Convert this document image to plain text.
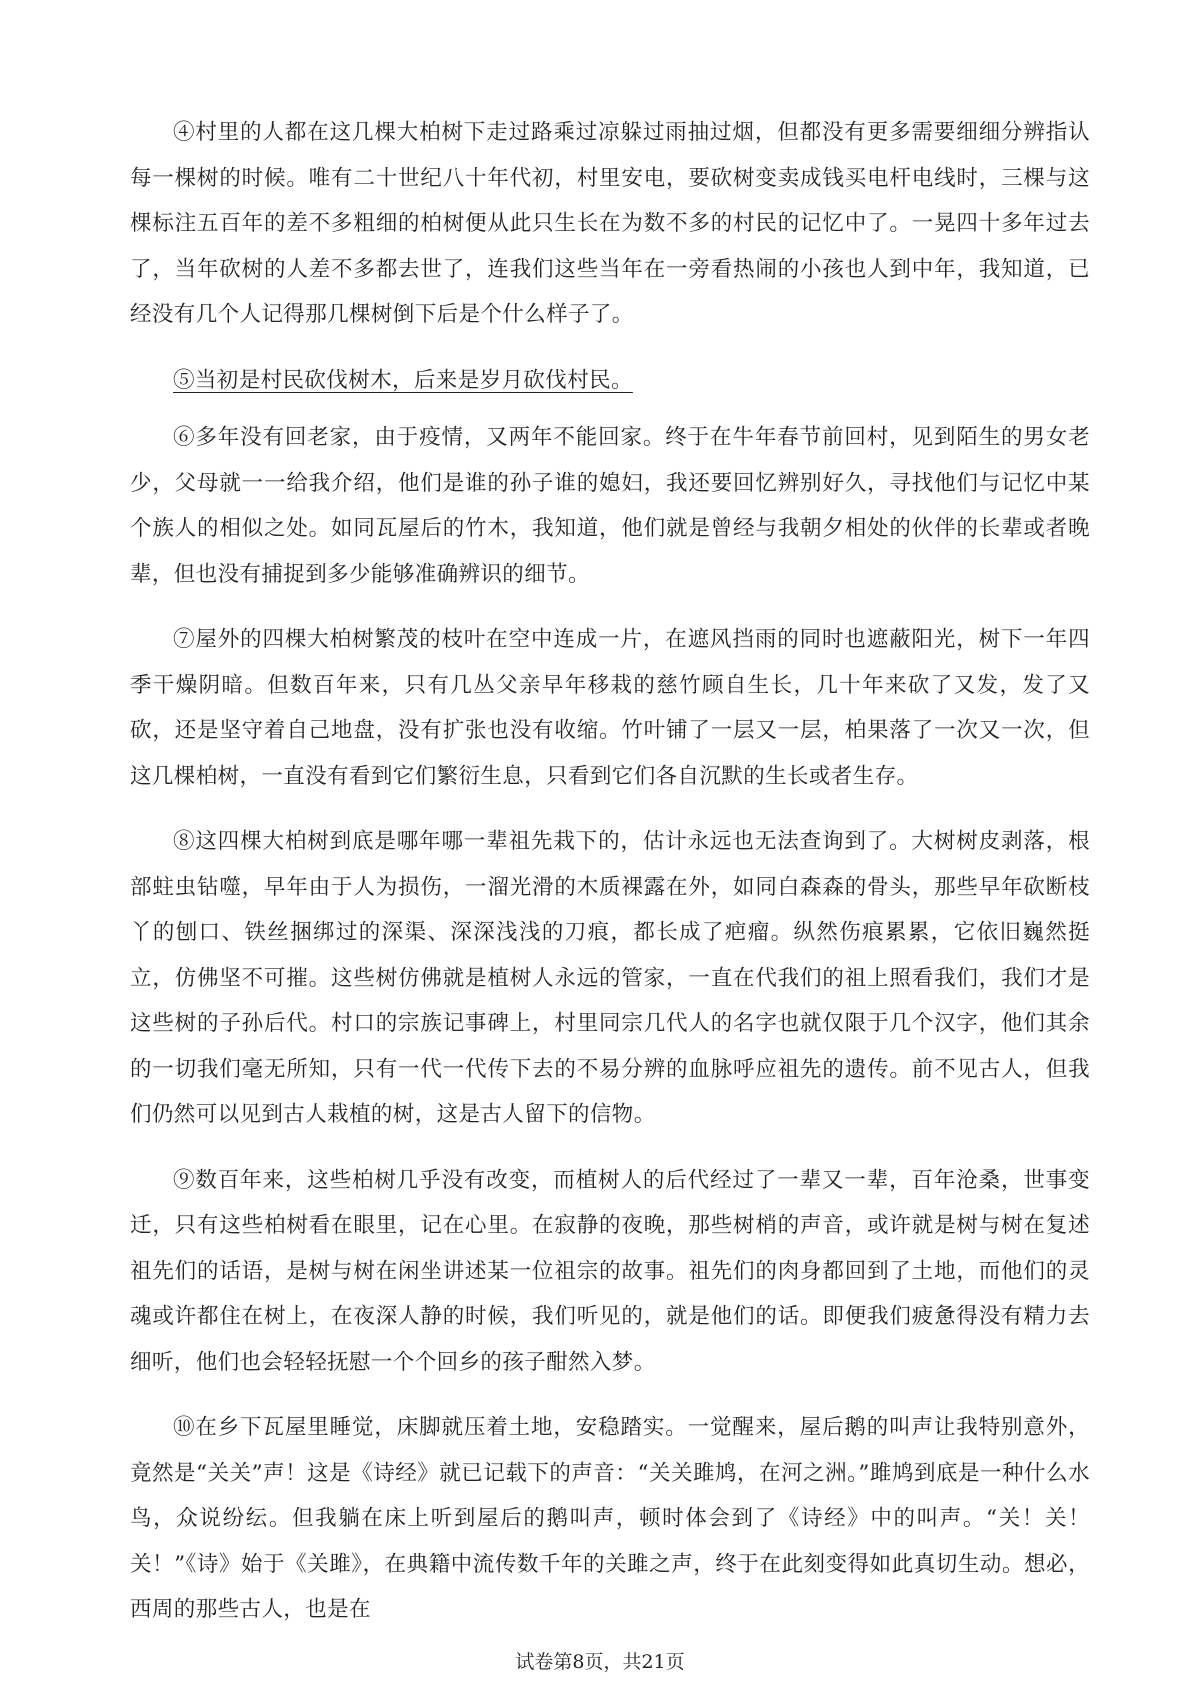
④村里的人都在这几棵大柏树下走过路乘过凉躲过雨抽过烟，但都没有更多需要细细分辨指认每一棵树的时候。唯有二十世纪八十年代初，村里安电，要砍树变卖成钱买电杆电线时，三棵与这棵标注五百年的差不多粗细的柏树便从此只生长在为数不多的村民的记忆中了。一晃四十多年过去了，当年砍树的人差不多都去世了，连我们这些当年在一旁看热闹的小孩也人到中年，我知道，已经没有几个人记得那几棵树倒下后是个什么样子了。

⑤当初是村民砍伐树木，后来是岁月砍伐村民。

⑥多年没有回老家，由于疫情，又两年不能回家。终于在牛年春节前回村，见到陌生的男女老少，父母就一一给我介绍，他们是谁的孙子谁的媳妇，我还要回忆辨别好久，寻找他们与记忆中某个族人的相似之处。如同瓦屋后的竹木，我知道，他们就是曾经与我朝夕相处的伙伴的长辈或者晚辈，但也没有捕捉到多少能够准确辨识的细节。

⑦屋外的四棵大柏树繁茂的枝叶在空中连成一片，在遮风挡雨的同时也遮蔽阳光，树下一年四季干燥阴暗。但数百年来，只有几丛父亲早年移栽的慈竹顾自生长，几十年来砍了又发，发了又砍，还是坚守着自己地盘，没有扩张也没有收缩。竹叶铺了一层又一层，柏果落了一次又一次，但这几棵柏树，一直没有看到它们繁衍生息，只看到它们各自沉默的生长或者生存。

⑧这四棵大柏树到底是哪年哪一辈祖先栽下的，估计永远也无法查询到了。大树树皮剥落，根部蛀虫钻噬，早年由于人为损伤，一溜光滑的木质裸露在外，如同白森森的骨头，那些早年砍断枝丫的刨口、铁丝捆绑过的深渠、深深浅浅的刀痕，都长成了疤瘤。纵然伤痕累累，它依旧巍然挺立，仿佛坚不可摧。这些树仿佛就是植树人永远的管家，一直在代我们的祖上照看我们，我们才是这些树的子孙后代。村口的宗族记事碑上，村里同宗几代人的名字也就仅限于几个汉字，他们其余的一切我们毫无所知，只有一代一代传下去的不易分辨的血脉呼应祖先的遗传。前不见古人，但我们仍然可以见到古人栽植的树，这是古人留下的信物。

⑨数百年来，这些柏树几乎没有改变，而植树人的后代经过了一辈又一辈，百年沧桑，世事变迁，只有这些柏树看在眼里，记在心里。在寂静的夜晚，那些树梢的声音，或许就是树与树在复述祖先们的话语，是树与树在闲坐讲述某一位祖宗的故事。祖先们的肉身都回到了土地，而他们的灵魂或许都住在树上，在夜深人静的时候，我们听见的，就是他们的话。即便我们疲惫得没有精力去细听，他们也会轻轻抚慰一个个回乡的孩子酣然入梦。

⑩在乡下瓦屋里睡觉，床脚就压着土地，安稳踏实。一觉醒来，屋后鹅的叫声让我特别意外，竟然是“关关”声！这是《诗经》就已记载下的声音：“关关雎鸠，在河之洲。”雎鸠到底是一种什么水鸟，众说纷纭。但我躺在床上听到屋后的鹅叫声，顿时体会到了《诗经》中的叫声。“关！关！关！”《诗》始于《关雎》，在典籍中流传数千年的关雎之声，终于在此刻变得如此真切生动。想必，西周的那些古人，也是在

试卷第8页，共21页
